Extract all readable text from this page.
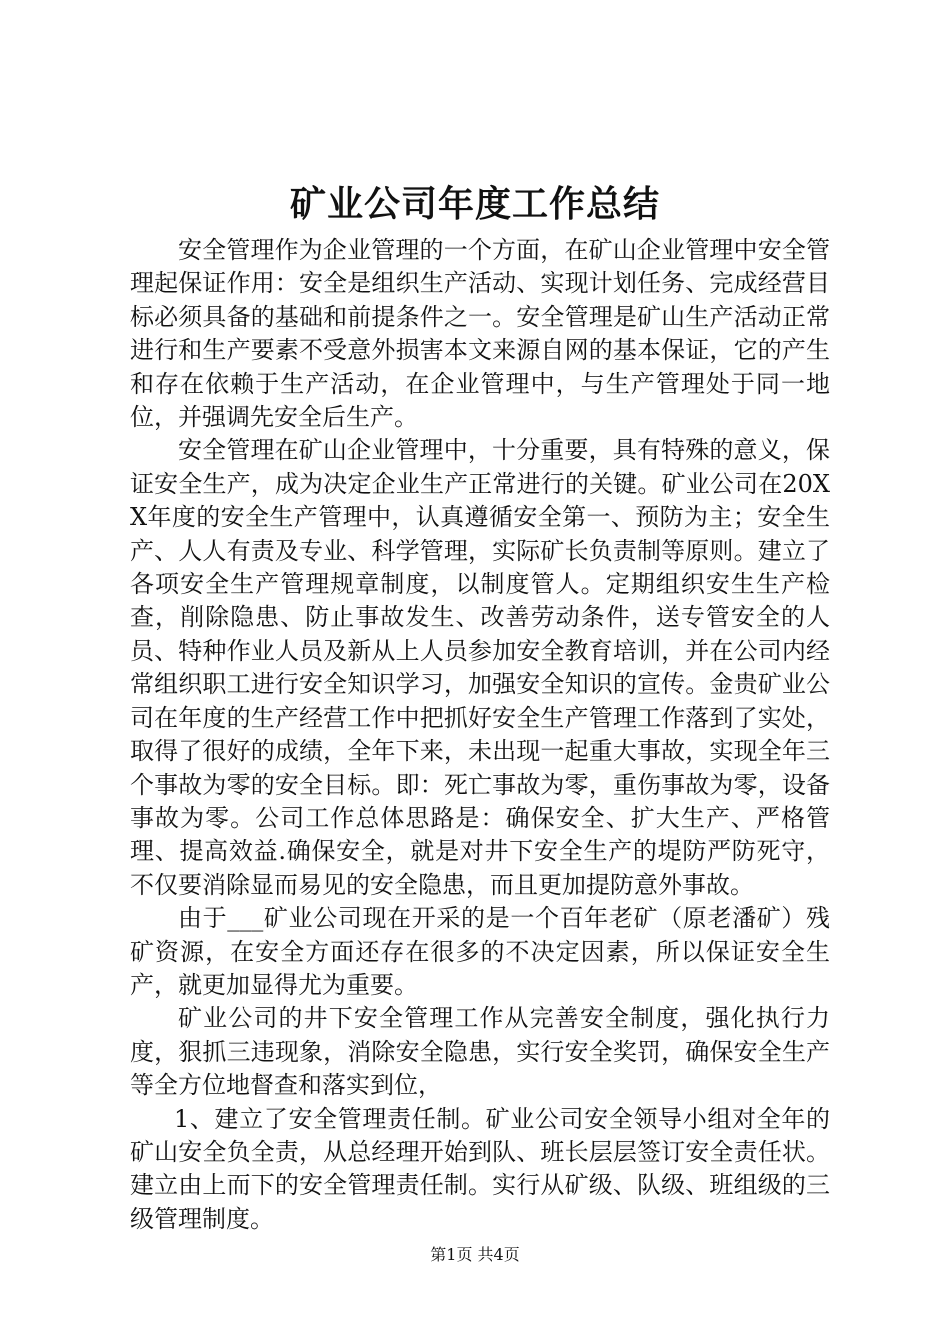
矿业公司年度工作总结

安全管理作为企业管理的一个方面，在矿山企业管理中安全管理起保证作用：安全是组织生产活动、实现计划任务、完成经营目标必须具备的基础和前提条件之一。安全管理是矿山生产活动正常进行和生产要素不受意外损害本文来源自网的基本保证，它的产生和存在依赖于生产活动，在企业管理中，与生产管理处于同一地位，并强调先安全后生产。

安全管理在矿山企业管理中，十分重要，具有特殊的意义，保证安全生产，成为决定企业生产正常进行的关键。矿业公司在20XX年度的安全生产管理中，认真遵循安全第一、预防为主；安全生产、人人有责及专业、科学管理，实际矿长负责制等原则。建立了各项安全生产管理规章制度，以制度管人。定期组织安生生产检查，削除隐患、防止事故发生、改善劳动条件，送专管安全的人员、特种作业人员及新从上人员参加安全教育培训，并在公司内经常组织职工进行安全知识学习，加强安全知识的宣传。金贵矿业公司在年度的生产经营工作中把抓好安全生产管理工作落到了实处，取得了很好的成绩，全年下来，未出现一起重大事故，实现全年三个事故为零的安全目标。即：死亡事故为零，重伤事故为零，设备事故为零。公司工作总体思路是：确保安全、扩大生产、严格管理、提高效益.确保安全，就是对井下安全生产的堤防严防死守，不仅要消除显而易见的安全隐患，而且更加提防意外事故。

由于___矿业公司现在开采的是一个百年老矿（原老潘矿）残矿资源，在安全方面还存在很多的不决定因素，所以保证安全生产，就更加显得尤为重要。

矿业公司的井下安全管理工作从完善安全制度，强化执行力度，狠抓三违现象，消除安全隐患，实行安全奖罚，确保安全生产等全方位地督查和落实到位，

1、建立了安全管理责任制。矿业公司安全领导小组对全年的矿山安全负全责，从总经理开始到队、班长层层签订安全责任状。建立由上而下的安全管理责任制。实行从矿级、队级、班组级的三级管理制度。

第1页 共4页
